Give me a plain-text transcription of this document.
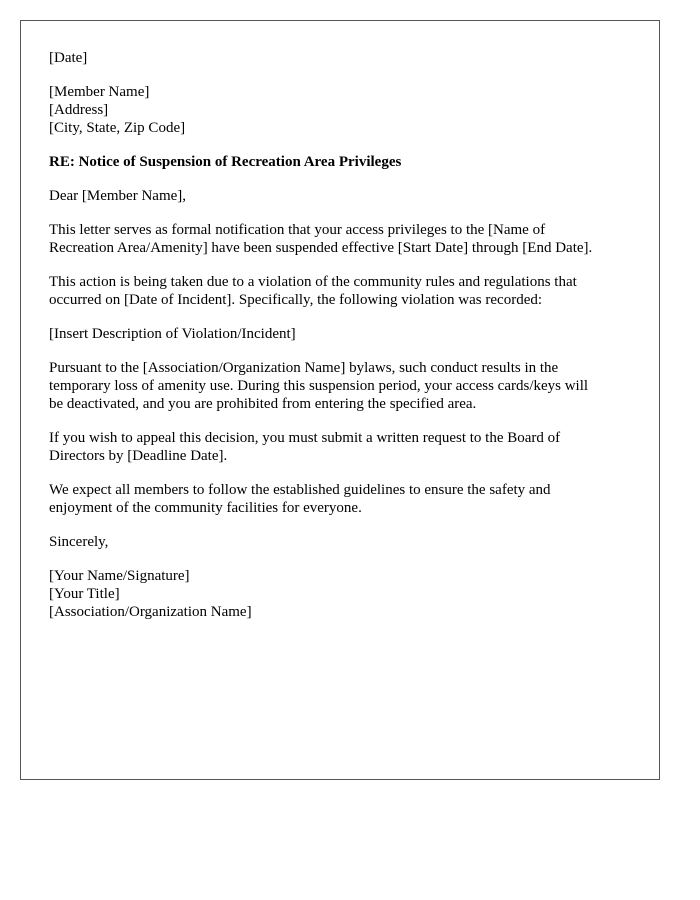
[Date]
[Member Name]
[Address]
[City, State, Zip Code]
RE: Notice of Suspension of Recreation Area Privileges
Dear [Member Name],
This letter serves as formal notification that your access privileges to the [Name of
Recreation Area/Amenity] have been suspended effective [Start Date] through [End Date].
This action is being taken due to a violation of the community rules and regulations that
occurred on [Date of Incident]. Specifically, the following violation was recorded:
[Insert Description of Violation/Incident]
Pursuant to the [Association/Organization Name] bylaws, such conduct results in the
temporary loss of amenity use. During this suspension period, your access cards/keys will
be deactivated, and you are prohibited from entering the specified area.
If you wish to appeal this decision, you must submit a written request to the Board of
Directors by [Deadline Date].
We expect all members to follow the established guidelines to ensure the safety and
enjoyment of the community facilities for everyone.
Sincerely,
[Your Name/Signature]
[Your Title]
[Association/Organization Name]
